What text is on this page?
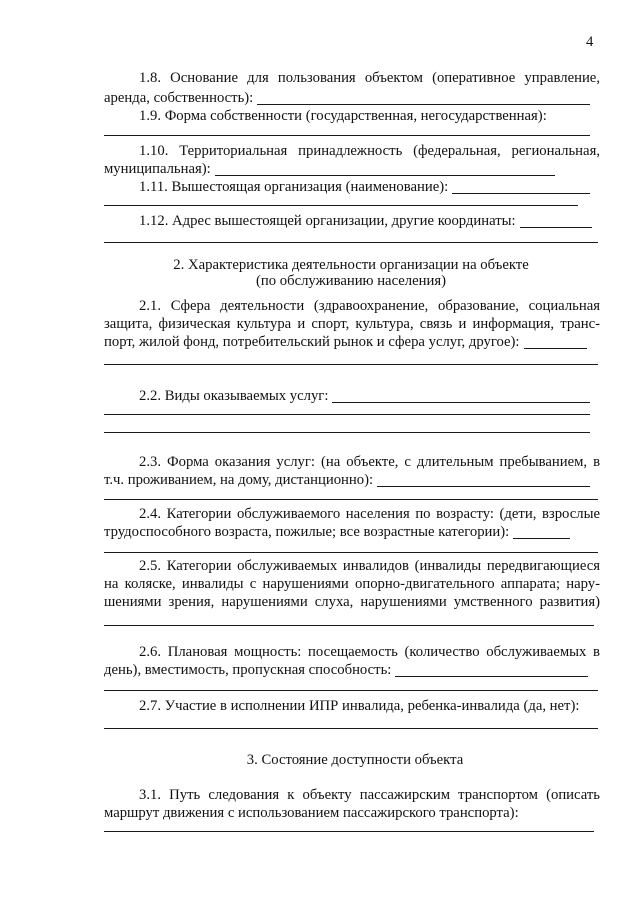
4
1.8. Основание для пользования объектом (оперативное управление,
аренда, собственность):
1.9. Форма собственности (государственная, негосударственная):
1.10. Территориальная принадлежность (федеральная, региональная,
муниципальная):
1.11. Вышестоящая организация (наименование):
1.12. Адрес вышестоящей организации, другие координаты:
2. Характеристика деятельности организации на объекте
(по обслуживанию населения)
2.1. Сфера деятельности (здравоохранение, образование, социальная
защита, физическая культура и спорт, культура, связь и информация, транс-
порт, жилой фонд, потребительский рынок и сфера услуг, другое):
2.2. Виды оказываемых услуг:
2.3. Форма оказания услуг: (на объекте, с длительным пребыванием, в
т.ч. проживанием, на дому, дистанционно):
2.4. Категории обслуживаемого населения по возрасту: (дети, взрослые
трудоспособного возраста, пожилые; все возрастные категории):
2.5. Категории обслуживаемых инвалидов (инвалиды передвигающиеся
на коляске, инвалиды с нарушениями опорно-двигательного аппарата; нару-
шениями зрения, нарушениями слуха, нарушениями умственного развития)
2.6. Плановая мощность: посещаемость (количество обслуживаемых в
день), вместимость, пропускная способность:
2.7. Участие в исполнении ИПР инвалида, ребенка-инвалида (да, нет):
3. Состояние доступности объекта
3.1. Путь следования к объекту пассажирским транспортом (описать
маршрут движения с использованием пассажирского транспорта):
